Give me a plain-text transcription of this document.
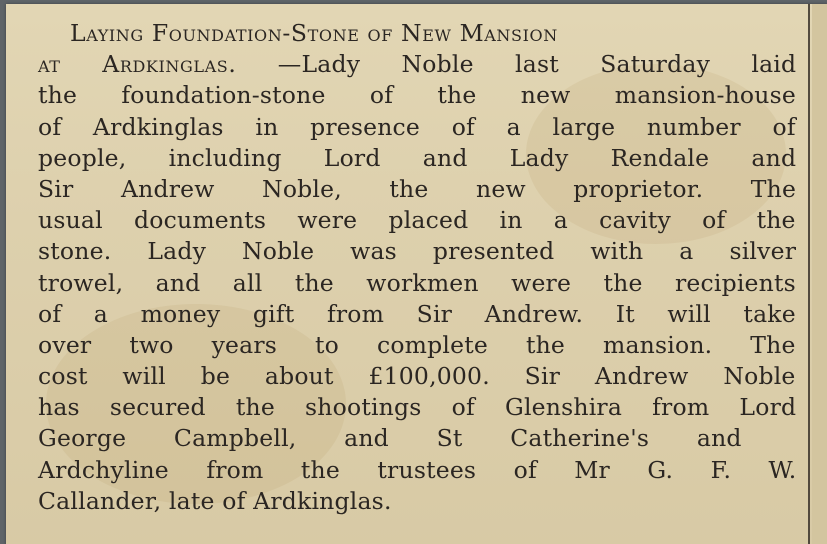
Laying Foundation-Stone of New Mansion
at Ardkinglas. —Lady Noble last Saturday laid
the foundation-stone of the new mansion-house
of Ardkinglas in presence of a large number of
people, including Lord and Lady Rendale and
Sir Andrew Noble, the new proprietor. The
usual documents were placed in a cavity of the
stone. Lady Noble was presented with a silver
trowel, and all the workmen were the recipients
of a money gift from Sir Andrew. It will take
over two years to complete the mansion. The
cost will be about £100,000. Sir Andrew Noble
has secured the shootings of Glenshira from Lord
George Campbell, and St Catherine's and
Ardchyline from the trustees of Mr G. F. W.
Callander, late of Ardkinglas.
